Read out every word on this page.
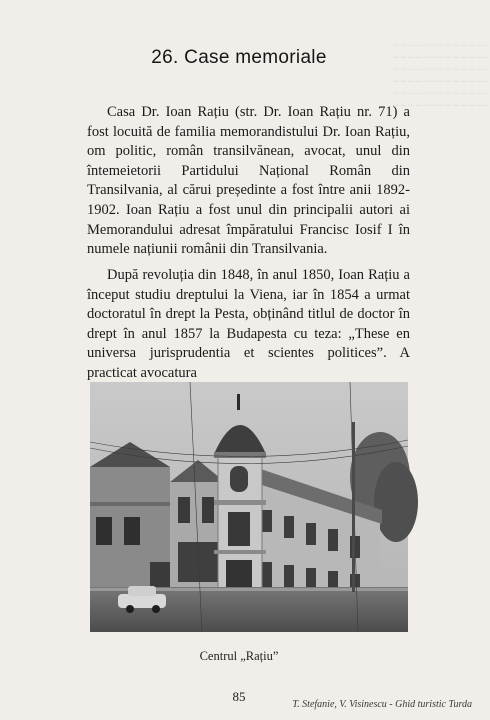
~~~~~~~~~~~~~
~~~~~~~~~~~~~
~~~~~~~~~~~~~
~~~~~~~~~~~~~
~~~~~~~~~~~~~
~~~~~~~~~~~~~
26. Case memoriale

Casa Dr. Ioan Rațiu (str. Dr. Ioan Rațiu nr. 71) a fost locuită de familia memorandistului Dr. Ioan Rațiu, om politic, român transilvănean, avocat, unul din întemeietorii Partidului Național Român din Transilvania, al cărui președinte a fost între anii 1892-1902. Ioan Rațiu a fost unul din principalii autori ai Memorandului adresat împăratului Francisc Iosif I în numele națiunii românii din Transilvania.

După revoluția din 1848, în anul 1850, Ioan Rațiu a început studiu dreptului la Viena, iar în 1854 a urmat doctoratul în drept la Pesta, obținând titlul de doctor în drept în anul 1857 la Budapesta cu teza: „These en universa jurisprudentia et scientes politices”. A practicat avocatura

Centrul „Rațiu”
85
T. Stefanie, V. Visinescu - Ghid turistic Turda
